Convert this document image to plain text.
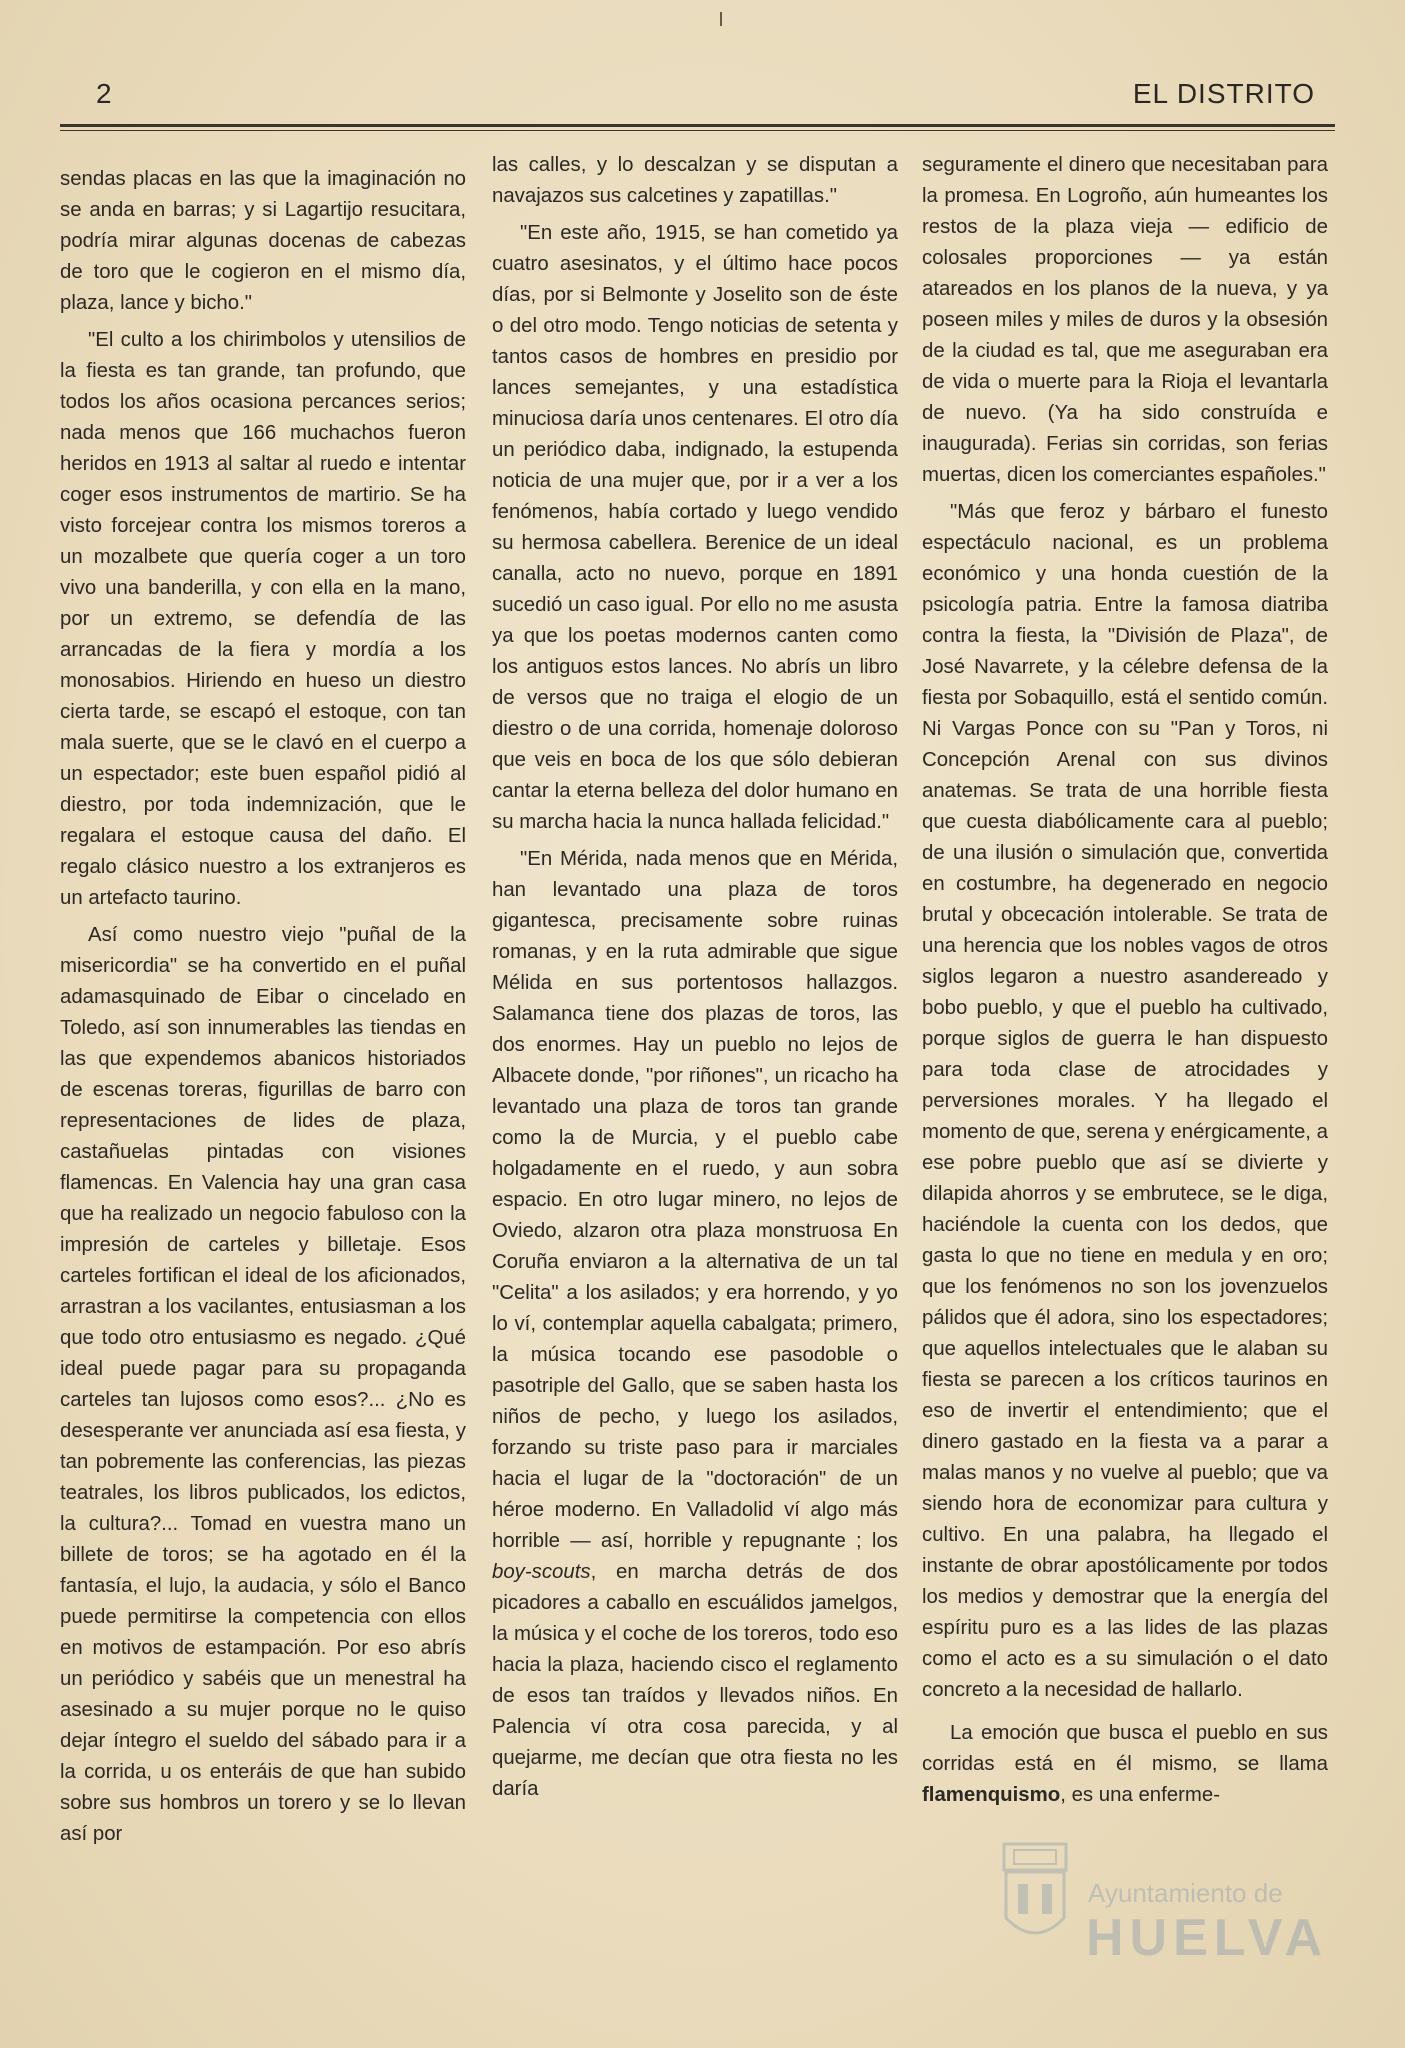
2	EL DISTRITO

sendas placas en las que la imaginación no se anda en barras; y si Lagartijo resucitara, podría mirar algunas docenas de cabezas de toro que le cogieron en el mismo día, plaza, lance y bicho."

"El culto a los chirimbolos y utensilios de la fiesta es tan grande, tan profundo, que todos los años ocasiona percances serios; nada menos que 166 muchachos fueron heridos en 1913 al saltar al ruedo e intentar coger esos instrumentos de martirio. Se ha visto forcejear contra los mismos toreros a un mozalbete que quería coger a un toro vivo una banderilla, y con ella en la mano, por un extremo, se defendía de las arrancadas de la fiera y mordía a los monosabios. Hiriendo en hueso un diestro cierta tarde, se escapó el estoque, con tan mala suerte, que se le clavó en el cuerpo a un espectador; este buen español pidió al diestro, por toda indemnización, que le regalara el estoque causa del daño. El regalo clásico nuestro a los extranjeros es un artefacto taurino.

Así como nuestro viejo "puñal de la misericordia" se ha convertido en el puñal adamasquinado de Eibar o cincelado en Toledo, así son innumerables las tiendas en las que expendemos abanicos historiados de escenas toreras, figurillas de barro con representaciones de lides de plaza, castañuelas pintadas con visiones flamencas. En Valencia hay una gran casa que ha realizado un negocio fabuloso con la impresión de carteles y billetaje. Esos carteles fortifican el ideal de los aficionados, arrastran a los vacilantes, entusiasman a los que todo otro entusiasmo es negado. ¿Qué ideal puede pagar para su propaganda carteles tan lujosos como esos?... ¿No es desesperante ver anunciada así esa fiesta, y tan pobremente las conferencias, las piezas teatrales, los libros publicados, los edictos, la cultura?... Tomad en vuestra mano un billete de toros; se ha agotado en él la fantasía, el lujo, la audacia, y sólo el Banco puede permitirse la competencia con ellos en motivos de estampación. Por eso abrís un periódico y sabéis que un menestral ha asesinado a su mujer porque no le quiso dejar íntegro el sueldo del sábado para ir a la corrida, u os enteráis de que han subido sobre sus hombros un torero y se lo llevan así por

las calles, y lo descalzan y se disputan a navajazos sus calcetines y zapatillas."

"En este año, 1915, se han cometido ya cuatro asesinatos, y el último hace pocos días, por si Belmonte y Joselito son de éste o del otro modo. Tengo noticias de setenta y tantos casos de hombres en presidio por lances semejantes, y una estadística minuciosa daría unos centenares. El otro día un periódico daba, indignado, la estupenda noticia de una mujer que, por ir a ver a los fenómenos, había cortado y luego vendido su hermosa cabellera. Berenice de un ideal canalla, acto no nuevo, porque en 1891 sucedió un caso igual. Por ello no me asusta ya que los poetas modernos canten como los antiguos estos lances. No abrís un libro de versos que no traiga el elogio de un diestro o de una corrida, homenaje doloroso que veis en boca de los que sólo debieran cantar la eterna belleza del dolor humano en su marcha hacia la nunca hallada felicidad."

"En Mérida, nada menos que en Mérida, han levantado una plaza de toros gigantesca, precisamente sobre ruinas romanas, y en la ruta admirable que sigue Mélida en sus portentosos hallazgos. Salamanca tiene dos plazas de toros, las dos enormes. Hay un pueblo no lejos de Albacete donde, "por riñones", un ricacho ha levantado una plaza de toros tan grande como la de Murcia, y el pueblo cabe holgadamente en el ruedo, y aun sobra espacio. En otro lugar minero, no lejos de Oviedo, alzaron otra plaza monstruosa En Coruña enviaron a la alternativa de un tal "Celita" a los asilados; y era horrendo, y yo lo ví, contemplar aquella cabalgata; primero, la música tocando ese pasodoble o pasotriple del Gallo, que se saben hasta los niños de pecho, y luego los asilados, forzando su triste paso para ir marciales hacia el lugar de la "doctoración" de un héroe moderno. En Valladolid ví algo más horrible — así, horrible y repugnante ; los boy-scouts, en marcha detrás de dos picadores a caballo en escuálidos jamelgos, la música y el coche de los toreros, todo eso hacia la plaza, haciendo cisco el reglamento de esos tan traídos y llevados niños. En Palencia ví otra cosa parecida, y al quejarme, me decían que otra fiesta no les daría

seguramente el dinero que necesitaban para la promesa. En Logroño, aún humeantes los restos de la plaza vieja — edificio de colosales proporciones — ya están atareados en los planos de la nueva, y ya poseen miles y miles de duros y la obsesión de la ciudad es tal, que me aseguraban era de vida o muerte para la Rioja el levantarla de nuevo. (Ya ha sido construída e inaugurada). Ferias sin corridas, son ferias muertas, dicen los comerciantes españoles."

"Más que feroz y bárbaro el funesto espectáculo nacional, es un problema económico y una honda cuestión de la psicología patria. Entre la famosa diatriba contra la fiesta, la "División de Plaza", de José Navarrete, y la célebre defensa de la fiesta por Sobaquillo, está el sentido común. Ni Vargas Ponce con su "Pan y Toros, ni Concepción Arenal con sus divinos anatemas. Se trata de una horrible fiesta que cuesta diabólicamente cara al pueblo; de una ilusión o simulación que, convertida en costumbre, ha degenerado en negocio brutal y obcecación intolerable. Se trata de una herencia que los nobles vagos de otros siglos legaron a nuestro asandereado y bobo pueblo, y que el pueblo ha cultivado, porque siglos de guerra le han dispuesto para toda clase de atrocidades y perversiones morales. Y ha llegado el momento de que, serena y enérgicamente, a ese pobre pueblo que así se divierte y dilapida ahorros y se embrutece, se le diga, haciéndole la cuenta con los dedos, que gasta lo que no tiene en medula y en oro; que los fenómenos no son los jovenzuelos pálidos que él adora, sino los espectadores; que aquellos intelectuales que le alaban su fiesta se parecen a los críticos taurinos en eso de invertir el entendimiento; que el dinero gastado en la fiesta va a parar a malas manos y no vuelve al pueblo; que va siendo hora de economizar para cultura y cultivo. En una palabra, ha llegado el instante de obrar apostólicamente por todos los medios y demostrar que la energía del espíritu puro es a las lides de las plazas como el acto es a su simulación o el dato concreto a la necesidad de hallarlo.

La emoción que busca el pueblo en sus corridas está en él mismo, se llama flamenquismo, es una enferme-

Ayuntamiento de
HUELVA
